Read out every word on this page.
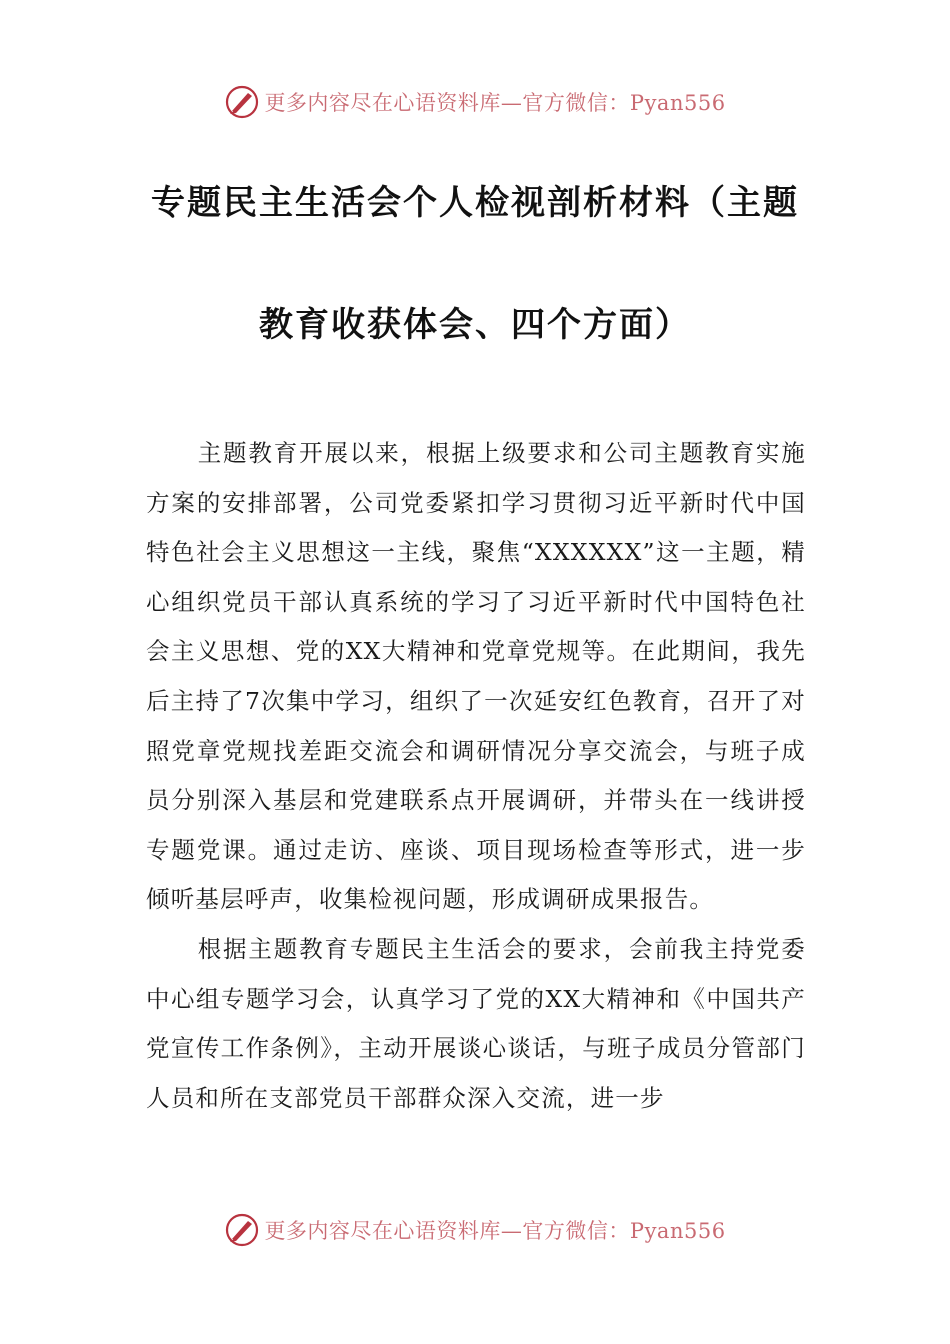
更多内容尽在心语资料库—官方微信：Pyan556
专题民主生活会个人检视剖析材料（主题
教育收获体会、四个方面）

主题教育开展以来，根据上级要求和公司主题教育实施方案的安排部署，公司党委紧扣学习贯彻习近平新时代中国特色社会主义思想这一主线，聚焦“XXXXXX”这一主题，精心组织党员干部认真系统的学习了习近平新时代中国特色社会主义思想、党的XX大精神和党章党规等。在此期间，我先后主持了7次集中学习，组织了一次延安红色教育，召开了对照党章党规找差距交流会和调研情况分享交流会，与班子成员分别深入基层和党建联系点开展调研，并带头在一线讲授专题党课。通过走访、座谈、项目现场检查等形式，进一步倾听基层呼声，收集检视问题，形成调研成果报告。

根据主题教育专题民主生活会的要求，会前我主持党委中心组专题学习会，认真学习了党的XX大精神和《中国共产党宣传工作条例》，主动开展谈心谈话，与班子成员分管部门人员和所在支部党员干部群众深入交流，进一步

更多内容尽在心语资料库—官方微信：Pyan556
